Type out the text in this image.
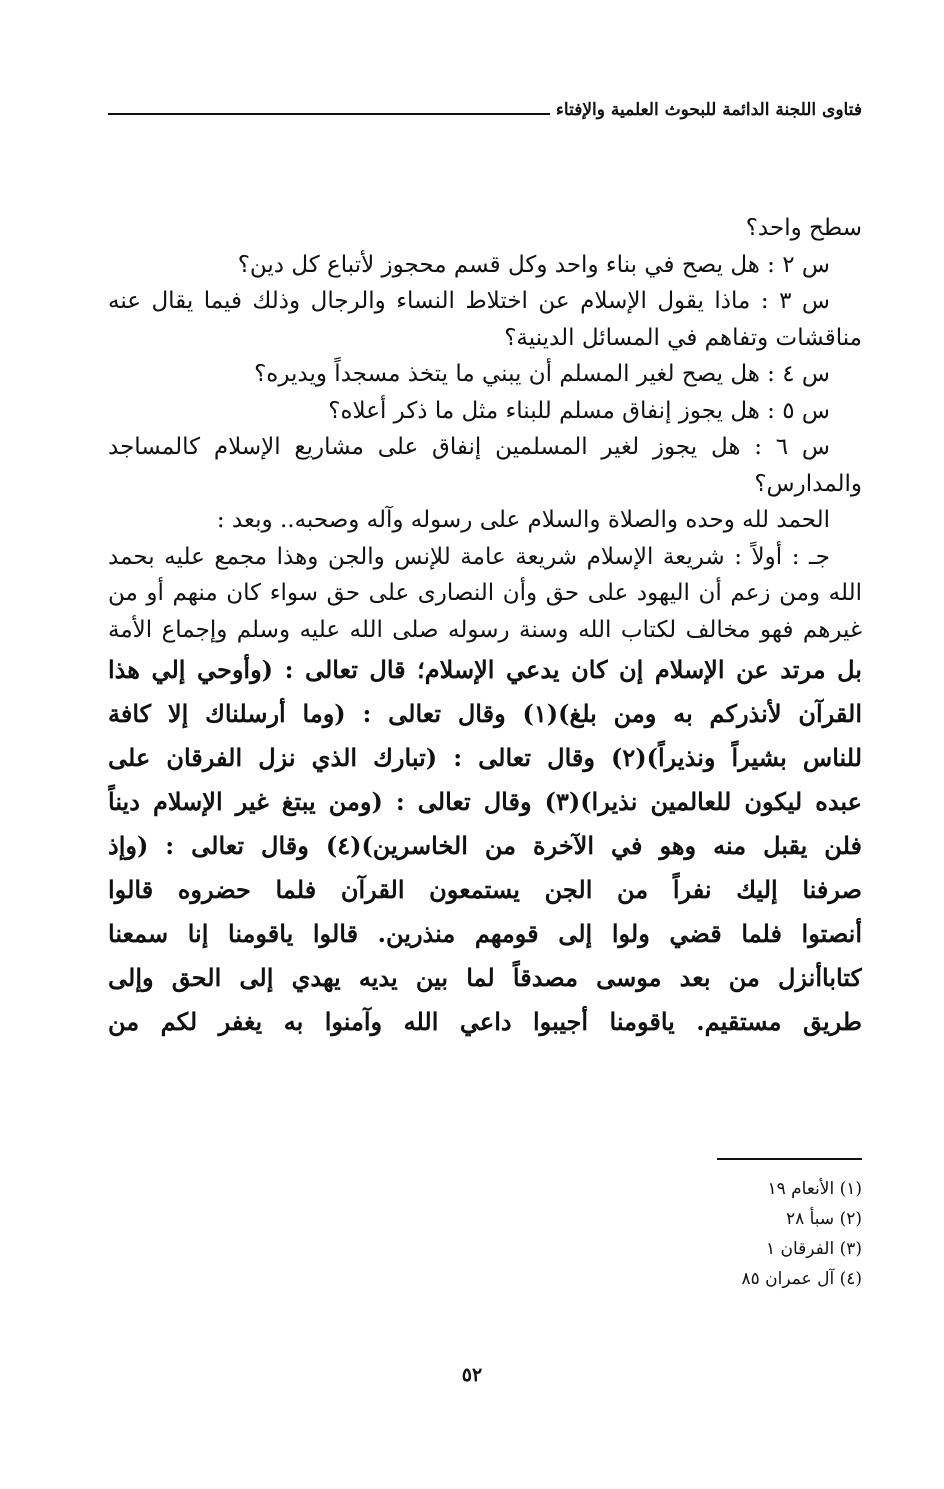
فتاوى اللجنة الدائمة للبحوث العلمية والإفتاء
سطح واحد؟
س ٢ : هل يصح في بناء واحد وكل قسم محجوز لأتباع كل دين؟
س ٣ : ماذا يقول الإسلام عن اختلاط النساء والرجال وذلك فيما يقال عنه
مناقشات وتفاهم في المسائل الدينية؟
س ٤ : هل يصح لغير المسلم أن يبني ما يتخذ مسجداً ويديره؟
س ٥ : هل يجوز إنفاق مسلم للبناء مثل ما ذكر أعلاه؟
س ٦ : هل يجوز لغير المسلمين إنفاق على مشاريع الإسلام كالمساجد
والمدارس؟
الحمد لله وحده والصلاة والسلام على رسوله وآله وصحبه.. وبعد :
جـ : أولاً : شريعة الإسلام شريعة عامة للإنس والجن وهذا مجمع عليه بحمد
الله ومن زعم أن اليهود على حق وأن النصارى على حق سواء كان منهم أو من
غيرهم فهو مخالف لكتاب الله وسنة رسوله صلى الله عليه وسلم وإجماع الأمة
بل مرتد عن الإسلام إن كان يدعي الإسلام؛ قال تعالى : (وأوحي إلي هذا
القرآن لأنذركم به ومن بلغ)(١) وقال تعالى : (وما أرسلناك إلا كافة
للناس بشيراً ونذيراً)(٢) وقال تعالى : (تبارك الذي نزل الفرقان على
عبده ليكون للعالمين نذيرا)(٣) وقال تعالى : (ومن يبتغ غير الإسلام ديناً
فلن يقبل منه وهو في الآخرة من الخاسرين)(٤) وقال تعالى : (وإذ
صرفنا إليك نفراً من الجن يستمعون القرآن فلما حضروه قالوا
أنصتوا فلما قضي ولوا إلى قومهم منذرين. قالوا ياقومنا إنا سمعنا
كتاباأنزل من بعد موسى مصدقاً لما بين يديه يهدي إلى الحق وإلى
طريق مستقيم. ياقومنا أجيبوا داعي الله وآمنوا به يغفر لكم من
(١) الأنعام ١٩
(٢) سبأ ٢٨
(٣) الفرقان ١
(٤) آل عمران ٨٥
٥٢
